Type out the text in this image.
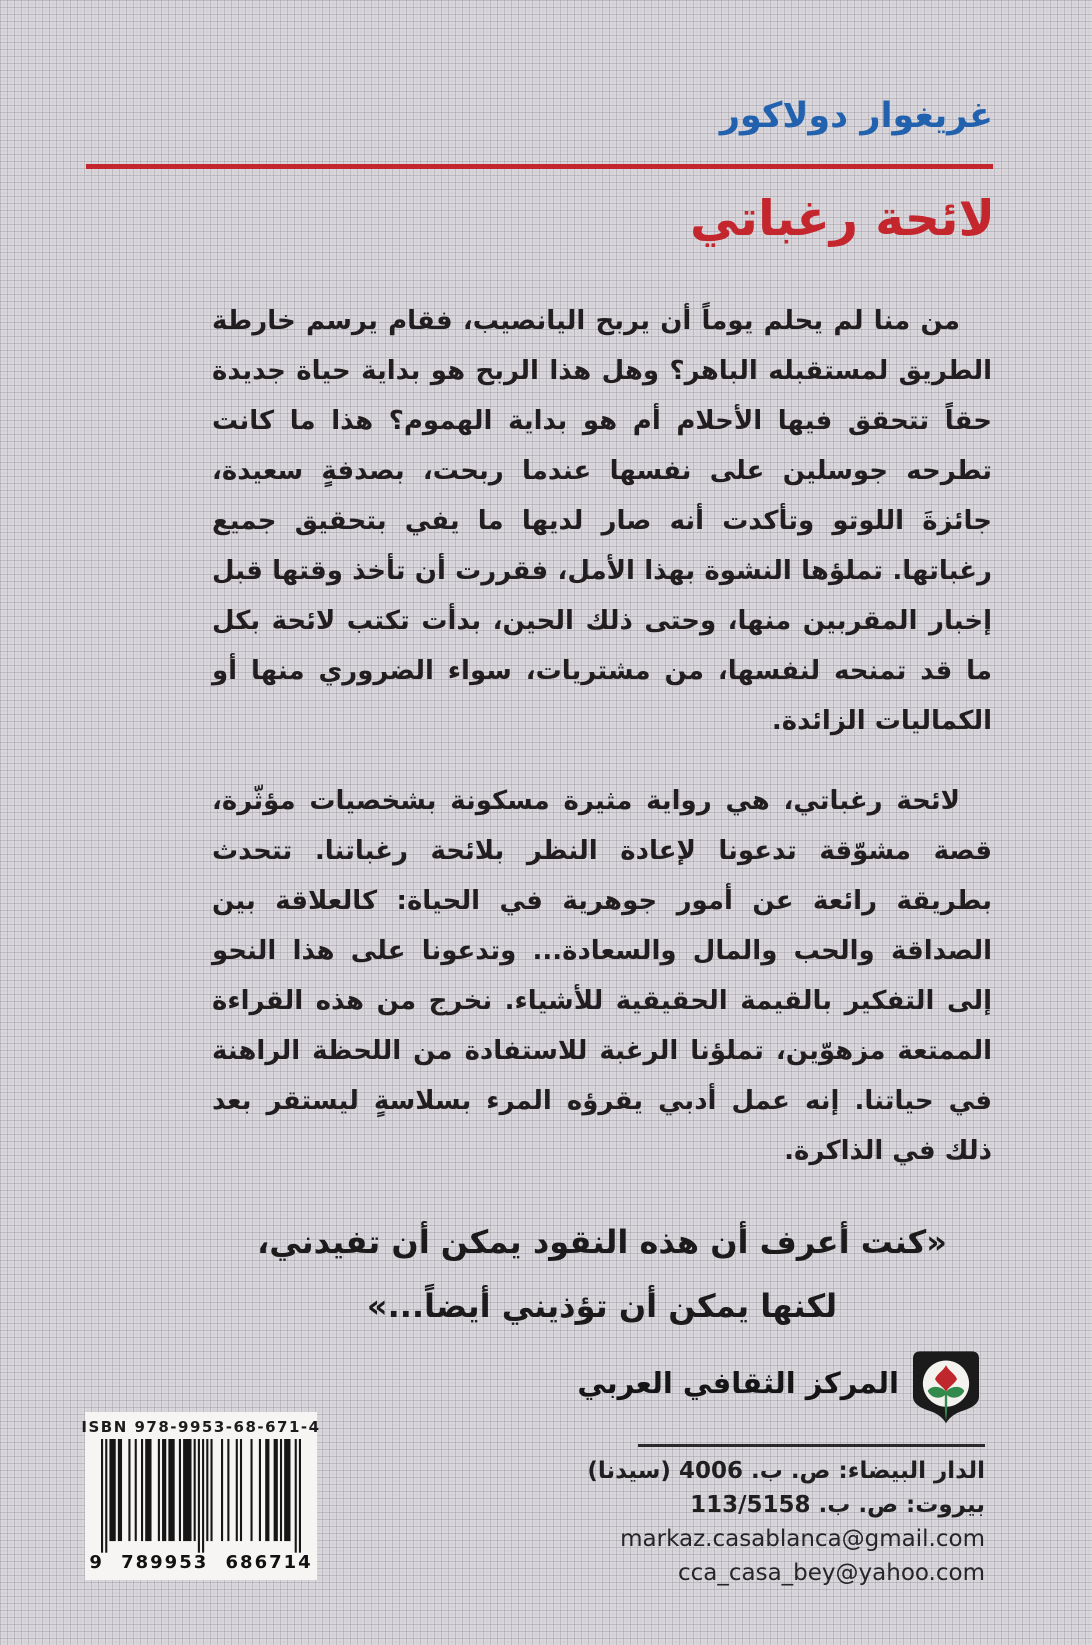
غريغوار دولاكور
لائحة رغباتي

من منا لم يحلم يوماً أن يربح اليانصيب، فقام يرسم خارطة الطريق لمستقبله الباهر؟ وهل هذا الربح هو بداية حياة جديدة حقاً تتحقق فيها الأحلام أم هو بداية الهموم؟ هذا ما كانت تطرحه جوسلين على نفسها عندما ربحت، بصدفةٍ سعيدة، جائزةَ اللوتو وتأكدت أنه صار لديها ما يفي بتحقيق جميع رغباتها. تملؤها النشوة بهذا الأمل، فقررت أن تأخذ وقتها قبل إخبار المقربين منها، وحتى ذلك الحين، بدأت تكتب لائحة بكل ما قد تمنحه لنفسها، من مشتريات، سواء الضروري منها أو الكماليات الزائدة.

لائحة رغباتي، هي رواية مثيرة مسكونة بشخصيات مؤثّرة، قصة مشوّقة تدعونا لإعادة النظر بلائحة رغباتنا. تتحدث بطريقة رائعة عن أمور جوهرية في الحياة: كالعلاقة بين الصداقة والحب والمال والسعادة... وتدعونا على هذا النحو إلى التفكير بالقيمة الحقيقية للأشياء. نخرج من هذه القراءة الممتعة مزهوّين، تملؤنا الرغبة للاستفادة من اللحظة الراهنة في حياتنا. إنه عمل أدبي يقرؤه المرء بسلاسةٍ ليستقر بعد ذلك في الذاكرة.

«كنت أعرف أن هذه النقود يمكن أن تفيدني،
لكنها يمكن أن تؤذيني أيضاً...»
المركز الثقافي العربي
الدار البيضاء: ص. ب. 4006 (سيدنا)
بيروت: ص. ب. 113/5158
markaz.casablanca@gmail.com
cca_casa_bey@yahoo.com
ISBN 978-9953-68-671-4
9 789953 686714
